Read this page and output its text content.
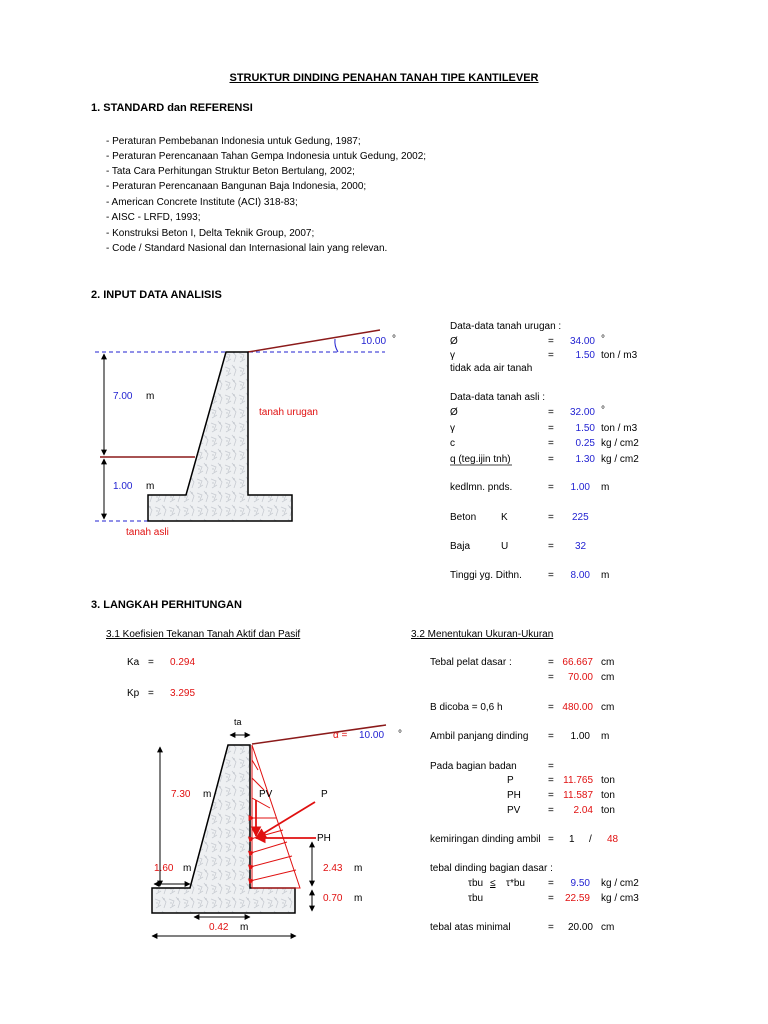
STRUKTUR DINDING PENAHAN TANAH TIPE KANTILEVER
1. STANDARD dan REFERENSI
- Peraturan Pembebanan Indonesia untuk Gedung, 1987;
- Peraturan Perencanaan Tahan Gempa Indonesia untuk Gedung, 2002;
- Tata Cara Perhitungan Struktur Beton Bertulang, 2002;
- Peraturan Perencanaan Bangunan Baja Indonesia, 2000;
- American Concrete Institute (ACI) 318-83;
- AISC - LRFD, 1993;
- Konstruksi Beton I, Delta Teknik Group, 2007;
- Code / Standard Nasional dan Internasional lain yang relevan.
2. INPUT DATA ANALISIS
10.00 °
7.00 m
tanah urugan
1.00 m
tanah asli
Data-data tanah urugan :
Ø	=	34.00 °
γ	=	1.50 ton / m3
tidak ada air tanah
Data-data tanah asli :
Ø	=	32.00 °
γ	=	1.50 ton / m3
c	=	0.25 kg / cm2
q (teg.ijin tnh)	=	1.30 kg / cm2
kedlmn. pnds.	=	1.00 m
Beton K	= 225
Baja	U	= 32
Tinggi yg. Dithn.	=	8.00 m
3. LANGKAH PERHITUNGAN
3.1 Koefisien Tekanan Tanah Aktif dan Pasif	3.2 Menentukan Ukuran-Ukuran
Ka = 0.294
Kp = 3.295
ta
α = 10.00 °
7.30 m	PV	P
PH
1.60 m	2.43 m
0.70 m
0.42 m
Tebal pelat dasar :	= 66.667 cm
=	70.00 cm
B dicoba = 0,6 h	= 480.00 cm
Ambil panjang dinding =	1.00 m
Pada bagian badan	=
P	= 11.765 ton
PH	= 11.587 ton
PV	=	2.04 ton
kemiringan dinding ambil = 1 / 48
tebal dinding bagian dasar :
τbu ≤ τ*bu =	9.50 kg / cm2
τbu	=	22.59 kg / cm3
tebal atas minimal	=	20.00 cm
